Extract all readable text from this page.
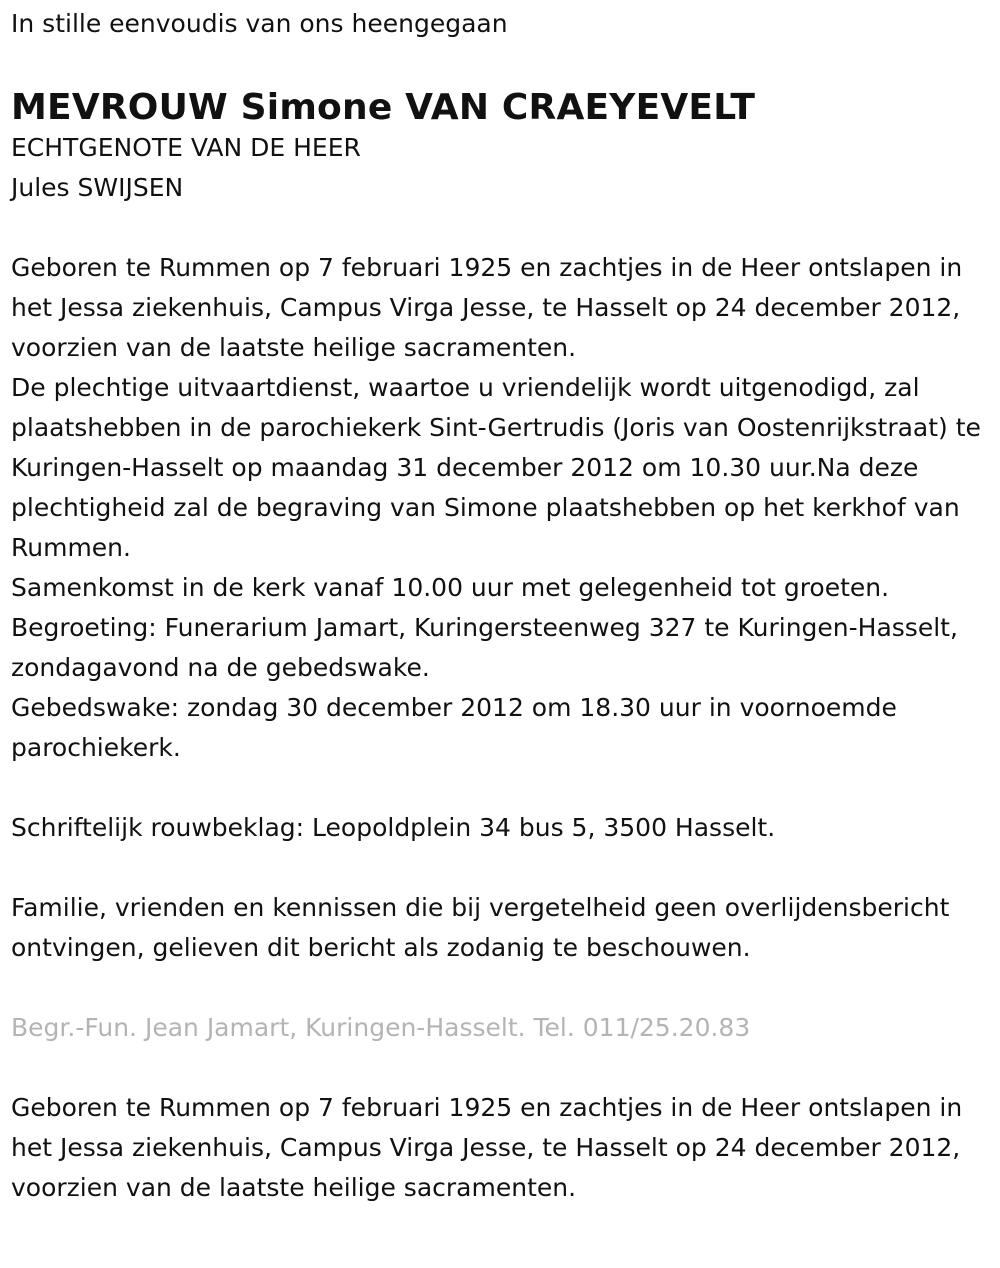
In stille eenvoudis van ons heengegaan

MEVROUW Simone VAN CRAEYEVELT

ECHTGENOTE VAN DE HEER

Jules SWIJSEN

Geboren te Rummen op 7 februari 1925 en zachtjes in de Heer ontslapen in het Jessa ziekenhuis, Campus Virga Jesse, te Hasselt op 24 december 2012, voorzien van de laatste heilige sacramenten.

De plechtige uitvaartdienst, waartoe u vriendelijk wordt uitgenodigd, zal plaatshebben in de parochiekerk Sint-Gertrudis (Joris van Oostenrijkstraat) te Kuringen-Hasselt op maandag 31 december 2012 om 10.30 uur.Na deze plechtigheid zal de begraving van Simone plaatshebben op het kerkhof van Rummen.

Samenkomst in de kerk vanaf 10.00 uur met gelegenheid tot groeten.

Begroeting: Funerarium Jamart, Kuringersteenweg 327 te Kuringen-Hasselt, zondagavond na de gebedswake.

Gebedswake: zondag 30 december 2012 om 18.30 uur in voornoemde parochiekerk.

Schriftelijk rouwbeklag: Leopoldplein 34 bus 5, 3500 Hasselt.

Familie, vrienden en kennissen die bij vergetelheid geen overlijdensbericht ontvingen, gelieven dit bericht als zodanig te beschouwen.

Begr.-Fun. Jean Jamart, Kuringen-Hasselt. Tel. 011/25.20.83

Geboren te Rummen op 7 februari 1925 en zachtjes in de Heer ontslapen in het Jessa ziekenhuis, Campus Virga Jesse, te Hasselt op 24 december 2012, voorzien van de laatste heilige sacramenten.
